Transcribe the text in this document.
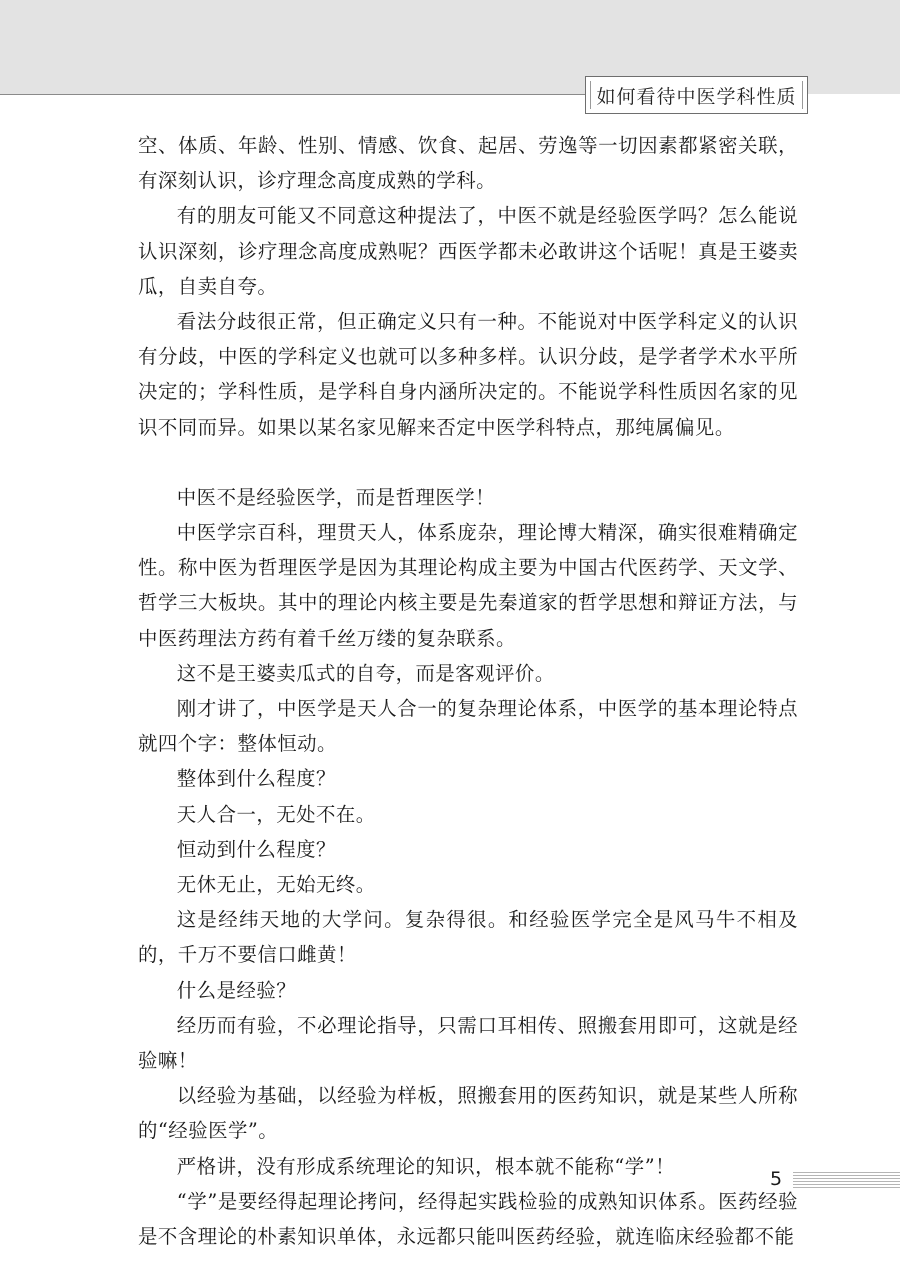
如何看待中医学科性质

空、体质、年龄、性别、情感、饮食、起居、劳逸等一切因素都紧密关联，有深刻认识，诊疗理念高度成熟的学科。

有的朋友可能又不同意这种提法了，中医不就是经验医学吗？怎么能说认识深刻，诊疗理念高度成熟呢？西医学都未必敢讲这个话呢！真是王婆卖瓜，自卖自夸。

看法分歧很正常，但正确定义只有一种。不能说对中医学科定义的认识有分歧，中医的学科定义也就可以多种多样。认识分歧，是学者学术水平所决定的；学科性质，是学科自身内涵所决定的。不能说学科性质因名家的见识不同而异。如果以某名家见解来否定中医学科特点，那纯属偏见。

中医不是经验医学，而是哲理医学！

中医学宗百科，理贯天人，体系庞杂，理论博大精深，确实很难精确定性。称中医为哲理医学是因为其理论构成主要为中国古代医药学、天文学、哲学三大板块。其中的理论内核主要是先秦道家的哲学思想和辩证方法，与中医药理法方药有着千丝万缕的复杂联系。

这不是王婆卖瓜式的自夸，而是客观评价。

刚才讲了，中医学是天人合一的复杂理论体系，中医学的基本理论特点就四个字：整体恒动。

整体到什么程度？

天人合一，无处不在。

恒动到什么程度？

无休无止，无始无终。

这是经纬天地的大学问。复杂得很。和经验医学完全是风马牛不相及的，千万不要信口雌黄！

什么是经验？

经历而有验，不必理论指导，只需口耳相传、照搬套用即可，这就是经验嘛！

以经验为基础，以经验为样板，照搬套用的医药知识，就是某些人所称的“经验医学”。

严格讲，没有形成系统理论的知识，根本就不能称“学”！

“学”是要经得起理论拷问，经得起实践检验的成熟知识体系。医药经验是不含理论的朴素知识单体，永远都只能叫医药经验，就连临床经验都不能

5
